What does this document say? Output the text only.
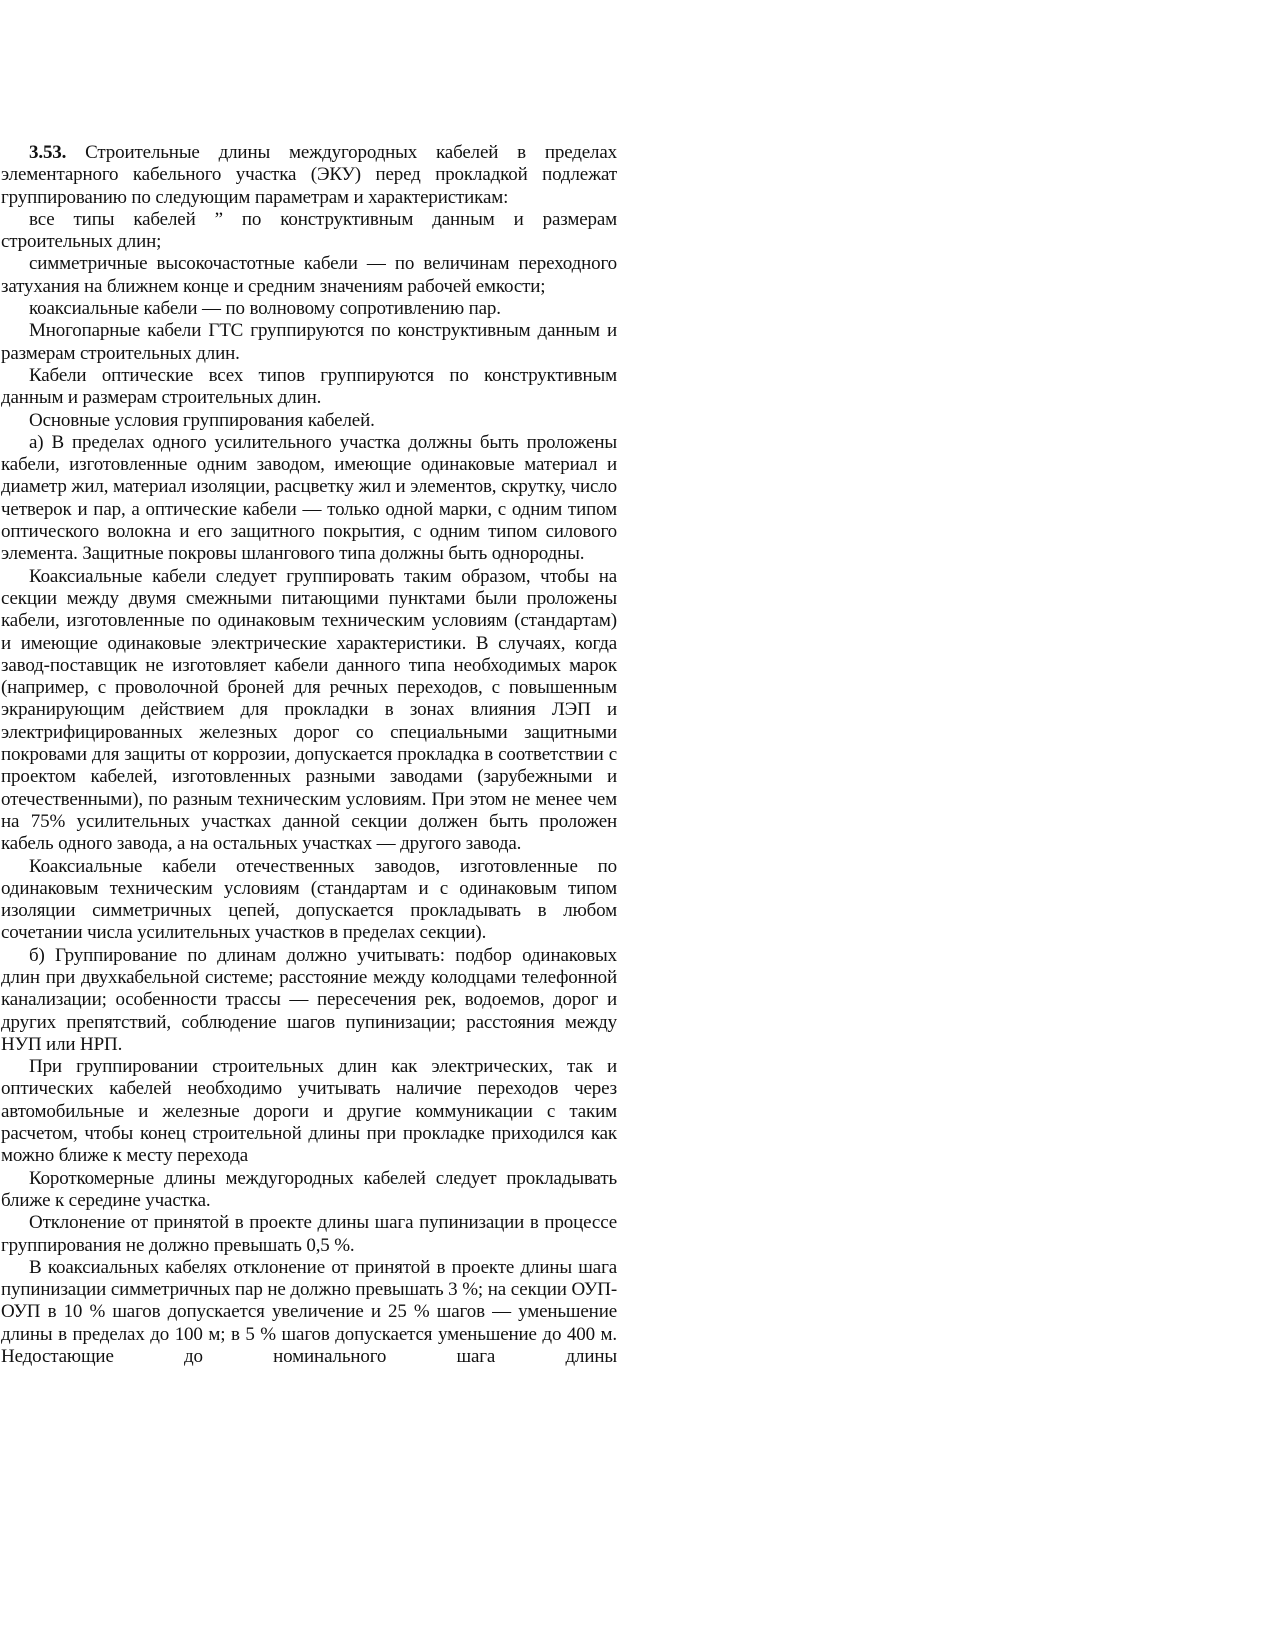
3.53. Строительные длины междугородных кабелей в пределах элементарного кабельного участка (ЭКУ) перед прокладкой подлежат группированию по следующим параметрам и характеристикам:

все типы кабелей ” по конструктивным данным и размерам строительных длин;

симметричные высокочастотные кабели — по величинам переходного затухания на ближнем конце и средним значениям рабочей емкости;

коаксиальные кабели — по волновому сопротивлению пар.

Многопарные кабели ГТС группируются по конструктивным данным и размерам строительных длин.

Кабели оптические всех типов группируются по конструктивным данным и размерам строительных длин.

Основные условия группирования кабелей.

а) В пределах одного усилительного участка должны быть проложены кабели, изготовленные одним заводом, имеющие одинаковые материал и диаметр жил, материал изоляции, расцветку жил и элементов, скрутку, число четверок и пар, а оптические кабели — только одной марки, с одним типом оптического волокна и его защитного покрытия, с одним типом силового элемента. Защитные покровы шлангового типа должны быть однородны.

Коаксиальные кабели следует группировать таким образом, чтобы на секции между двумя смежными питающими пунктами были проложены кабели, изготовленные по одинаковым техническим условиям (стандартам) и имеющие одинаковые электрические характеристики. В случаях, когда завод-поставщик не изготовляет кабели данного типа необходимых марок (например, с проволочной броней для речных переходов, с повышенным экранирующим действием для прокладки в зонах влияния ЛЭП и электрифицированных железных дорог со специальными защитными покровами для защиты от коррозии, допускается прокладка в соответствии с проектом кабелей, изготовленных разными заводами (зарубежными и отечественными), по разным техническим условиям. При этом не менее чем на 75% усилительных участках данной секции должен быть проложен кабель одного завода, а на остальных участках — другого завода.

Коаксиальные кабели отечественных заводов, изготовленные по одинаковым техническим условиям (стандартам и с одинаковым типом изоляции симметричных цепей, допускается прокладывать в любом сочетании числа усилительных участков в пределах секции).

б) Группирование по длинам должно учитывать: подбор одинаковых длин при двухкабельной системе; расстояние между колодцами телефонной канализации; особенности трассы — пересечения рек, водоемов, дорог и других препятствий, соблюдение шагов пупинизации; расстояния между НУП или НРП.

При группировании строительных длин как электрических, так и оптических кабелей необходимо учитывать наличие переходов через автомобильные и железные дороги и другие коммуникации с таким расчетом, чтобы конец строительной длины при прокладке приходился как можно ближе к месту перехода

Короткомерные длины междугородных кабелей следует прокладывать ближе к середине участка.

Отклонение от принятой в проекте длины шага пупинизации в процессе группирования не должно превышать 0,5 %.

В коаксиальных кабелях отклонение от принятой в проекте длины шага пупинизации симметричных пар не должно превышать 3 %; на секции ОУП-ОУП в 10 % шагов допускается увеличение и 25 % шагов — уменьшение длины в пределах до 100 м; в 5 % шагов допускается уменьшение до 400 м. Недостающие до номинального шага длины
